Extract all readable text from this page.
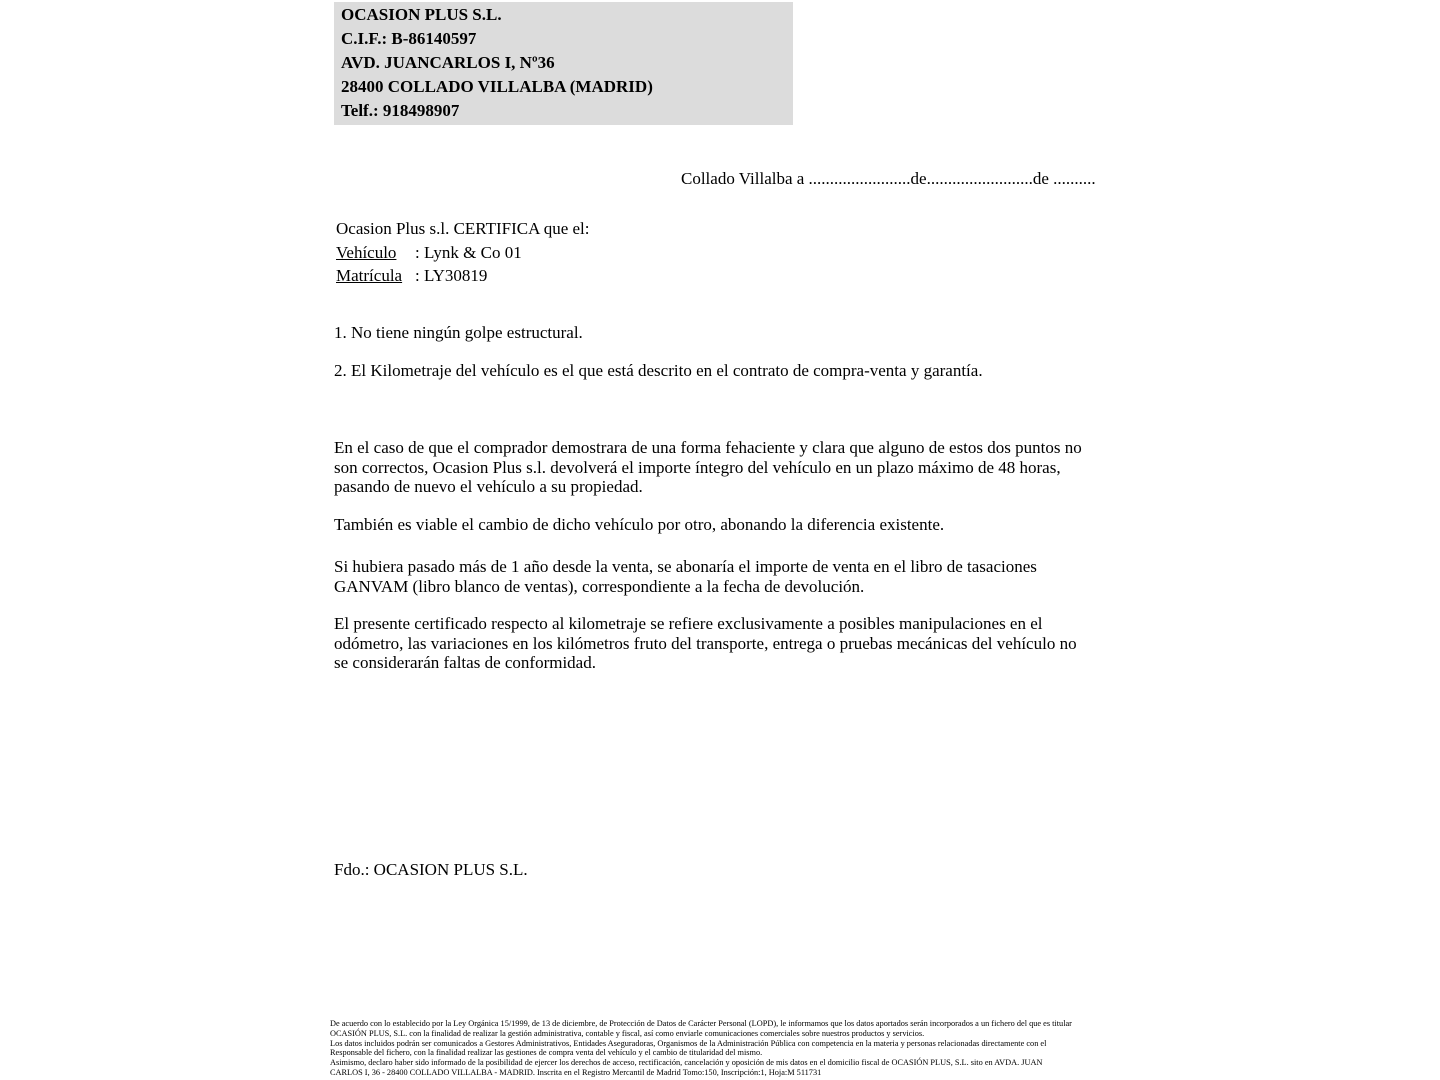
OCASION PLUS S.L.
C.I.F.: B-86140597
AVD. JUANCARLOS I, Nº36
28400 COLLADO VILLALBA (MADRID)
Telf.: 918498907
Collado Villalba a ........................de.........................de ..........
Ocasion Plus s.l. CERTIFICA que el:
Vehículo	: Lynk & Co 01
Matrícula : LY30819
1. No tiene ningún golpe estructural.
2. El Kilometraje del vehículo es el que está descrito en el contrato de compra-venta y garantía.
En el caso de que el comprador demostrara de una forma fehaciente y clara que alguno de estos dos puntos no
son correctos, Ocasion Plus s.l. devolverá el importe íntegro del vehículo en un plazo máximo de 48 horas,
pasando de nuevo el vehículo a su propiedad.
También es viable el cambio de dicho vehículo por otro, abonando la diferencia existente.
Si hubiera pasado más de 1 año desde la venta, se abonaría el importe de venta en el libro de tasaciones
GANVAM (libro blanco de ventas), correspondiente a la fecha de devolución.
El presente certificado respecto al kilometraje se refiere exclusivamente a posibles manipulaciones en el
odómetro, las variaciones en los kilómetros fruto del transporte, entrega o pruebas mecánicas del vehículo no
se considerarán faltas de conformidad.
Fdo.: OCASION PLUS S.L.
De acuerdo con lo establecido por la Ley Orgánica 15/1999, de 13 de diciembre, de Protección de Datos de Carácter Personal (LOPD), le informamos que los datos aportados serán incorporados a un fichero del que es titular
OCASIÓN PLUS, S.L. con la finalidad de realizar la gestión administrativa, contable y fiscal, así como enviarle comunicaciones comerciales sobre nuestros productos y servicios.
Los datos incluidos podrán ser comunicados a Gestores Administrativos, Entidades Aseguradoras, Organismos de la Administración Pública con competencia en la materia y personas relacionadas directamente con el
Responsable del fichero, con la finalidad realizar las gestiones de compra venta del vehículo y el cambio de titularidad del mismo.
Asimismo, declaro haber sido informado de la posibilidad de ejercer los derechos de acceso, rectificación, cancelación y oposición de mis datos en el domicilio fiscal de OCASIÓN PLUS, S.L. sito en AVDA. JUAN
CARLOS I, 36 - 28400 COLLADO VILLALBA - MADRID. Inscrita en el Registro Mercantil de Madrid Tomo:150, Inscripción:1, Hoja:M 511731
